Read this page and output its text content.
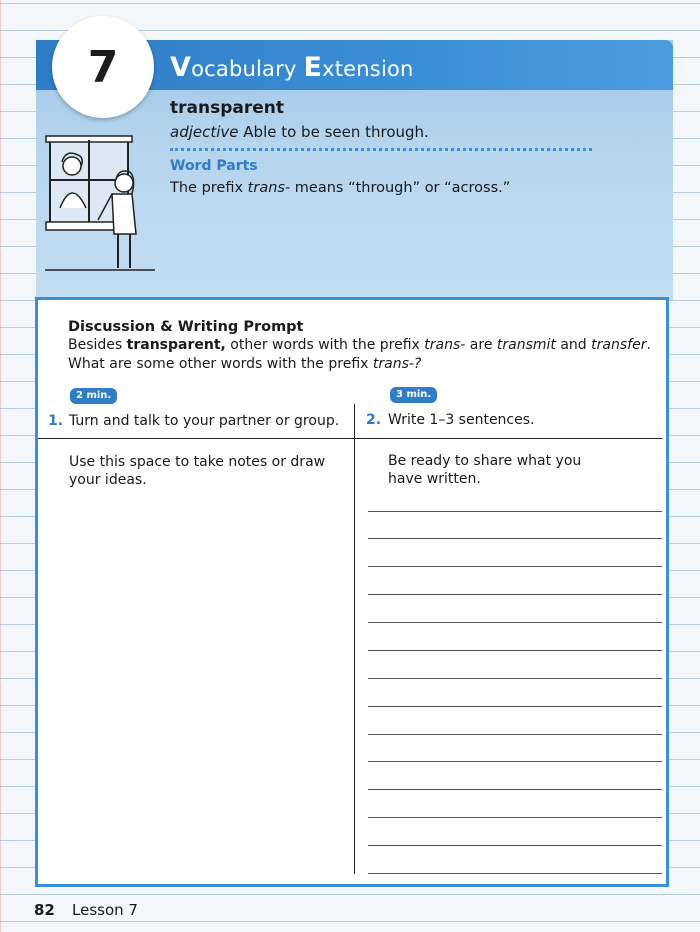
7 Vocabulary Extension
transparent
adjective Able to be seen through.
Word Parts
The prefix trans- means “through” or “across.”
Discussion & Writing Prompt
Besides transparent, other words with the prefix trans- are transmit and transfer.
What are some other words with the prefix trans-?
2 min.
1. Turn and talk to your partner or group.
3 min.
2. Write 1–3 sentences.
Use this space to take notes or draw
your ideas.
Be ready to share what you
have written.
82 Lesson 7
